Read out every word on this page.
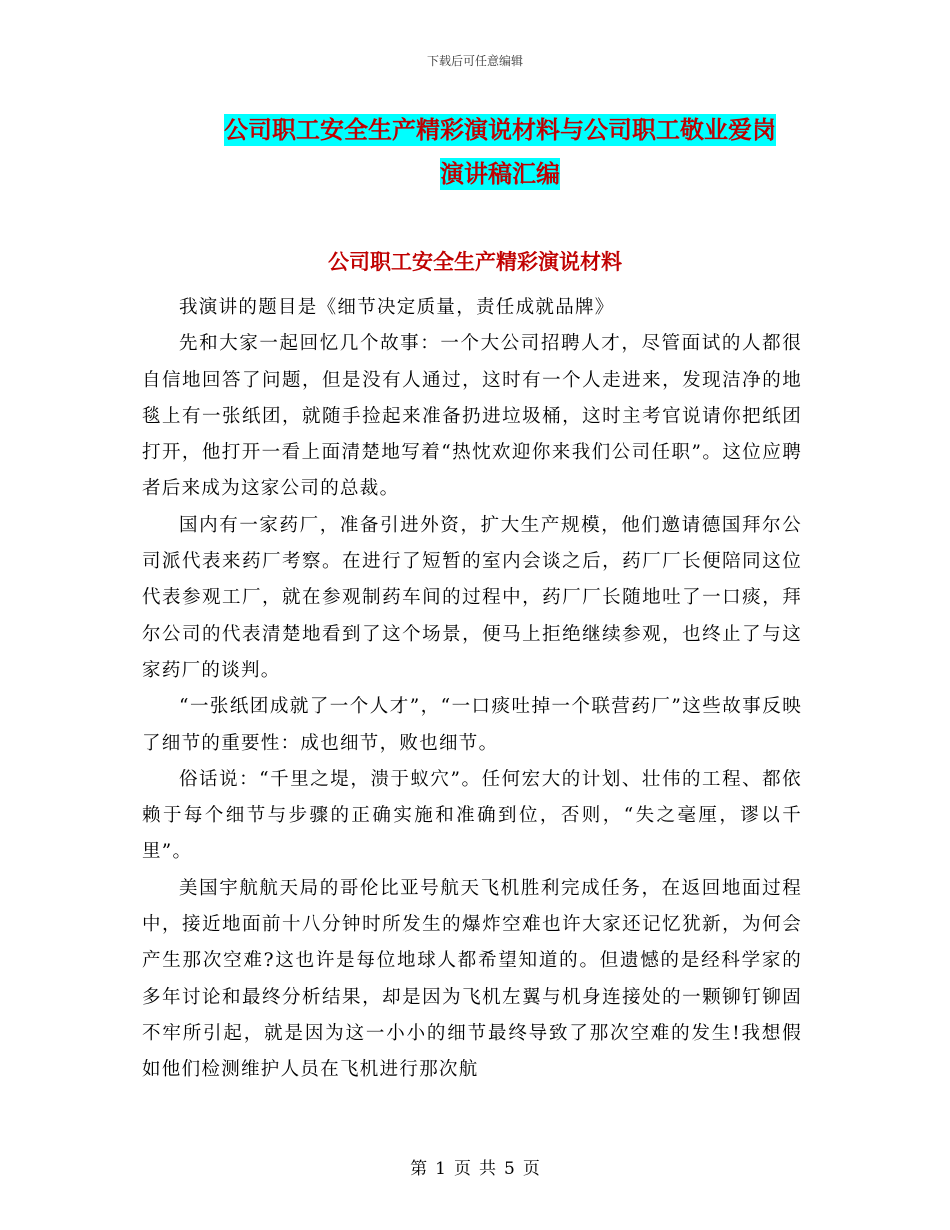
下载后可任意编辑
公司职工安全生产精彩演说材料与公司职工敬业爱岗
演讲稿汇编
公司职工安全生产精彩演说材料

我演讲的题目是《细节决定质量，责任成就品牌》

先和大家一起回忆几个故事：一个大公司招聘人才，尽管面试的人都很自信地回答了问题，但是没有人通过，这时有一个人走进来，发现洁净的地毯上有一张纸团，就随手捡起来准备扔进垃圾桶，这时主考官说请你把纸团打开，他打开一看上面清楚地写着“热忱欢迎你来我们公司任职”。这位应聘者后来成为这家公司的总裁。

国内有一家药厂，准备引进外资，扩大生产规模，他们邀请德国拜尔公司派代表来药厂考察。在进行了短暂的室内会谈之后，药厂厂长便陪同这位代表参观工厂，就在参观制药车间的过程中，药厂厂长随地吐了一口痰，拜尔公司的代表清楚地看到了这个场景，便马上拒绝继续参观，也终止了与这家药厂的谈判。

“一张纸团成就了一个人才”，“一口痰吐掉一个联营药厂”这些故事反映了细节的重要性：成也细节，败也细节。

俗话说：“千里之堤，溃于蚁穴”。任何宏大的计划、壮伟的工程、都依赖于每个细节与步骤的正确实施和准确到位，否则，“失之毫厘，谬以千里”。

美国宇航航天局的哥伦比亚号航天飞机胜利完成任务，在返回地面过程中，接近地面前十八分钟时所发生的爆炸空难也许大家还记忆犹新，为何会产生那次空难?这也许是每位地球人都希望知道的。但遗憾的是经科学家的多年讨论和最终分析结果，却是因为飞机左翼与机身连接处的一颗铆钉铆固不牢所引起，就是因为这一小小的细节最终导致了那次空难的发生!我想假如他们检测维护人员在飞机进行那次航

第 1 页 共 5 页
